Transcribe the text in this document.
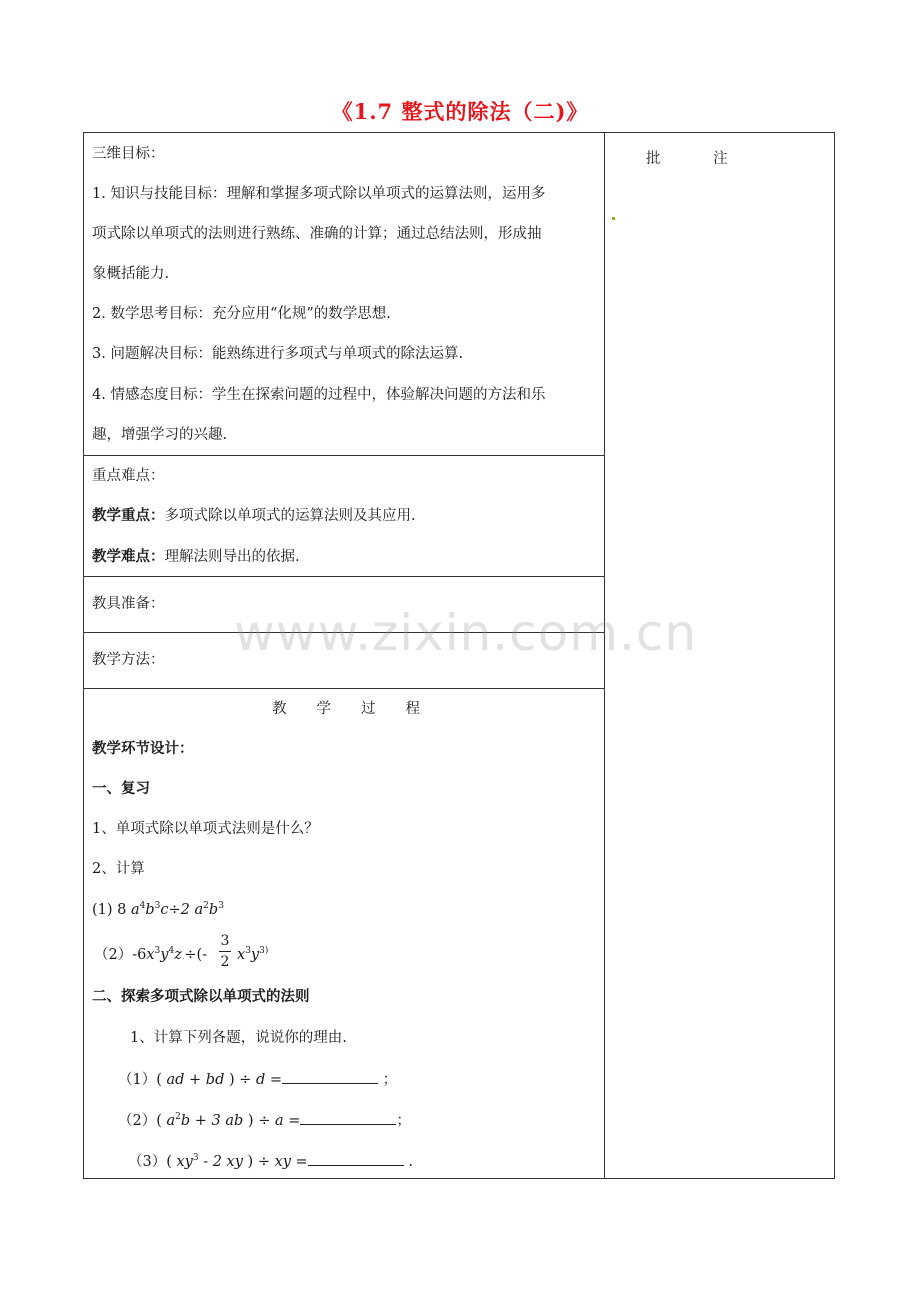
《1.7 整式的除法（二)》
批 注
三维目标：
1. 知识与技能目标：理解和掌握多项式除以单项式的运算法则，运用多
项式除以单项式的法则进行熟练、准确的计算；通过总结法则，形成抽
象概括能力.
2. 数学思考目标：充分应用“化规”的数学思想.
3. 问题解决目标：能熟练进行多项式与单项式的除法运算.
4. 情感态度目标：学生在探索问题的过程中，体验解决问题的方法和乐
趣，增强学习的兴趣.
重点难点：
教学重点：多项式除以单项式的运算法则及其应用.
教学难点：理解法则导出的依据.
教具准备：
教学方法： www.zixin.com.cn
教学过程
教学环节设计：
一、复习
1、单项式除以单项式法则是什么？
2、计算
(1) 8 $a^4b^3c\div 2$ $a^2b^3$
$(2)-6x^3y^4z.\div(-$
3
2 $x^3y^{3)}$
二、探索多项式除以单项式的法则
1、计算下列各题，说说你的理由.
（1）( ad + bd ) ÷ d =	；
（2）( $a^2b + 3$ ab ) ÷ a =	；
（3）( $xy^3 - 2$ xy ) ÷ xy =	.
